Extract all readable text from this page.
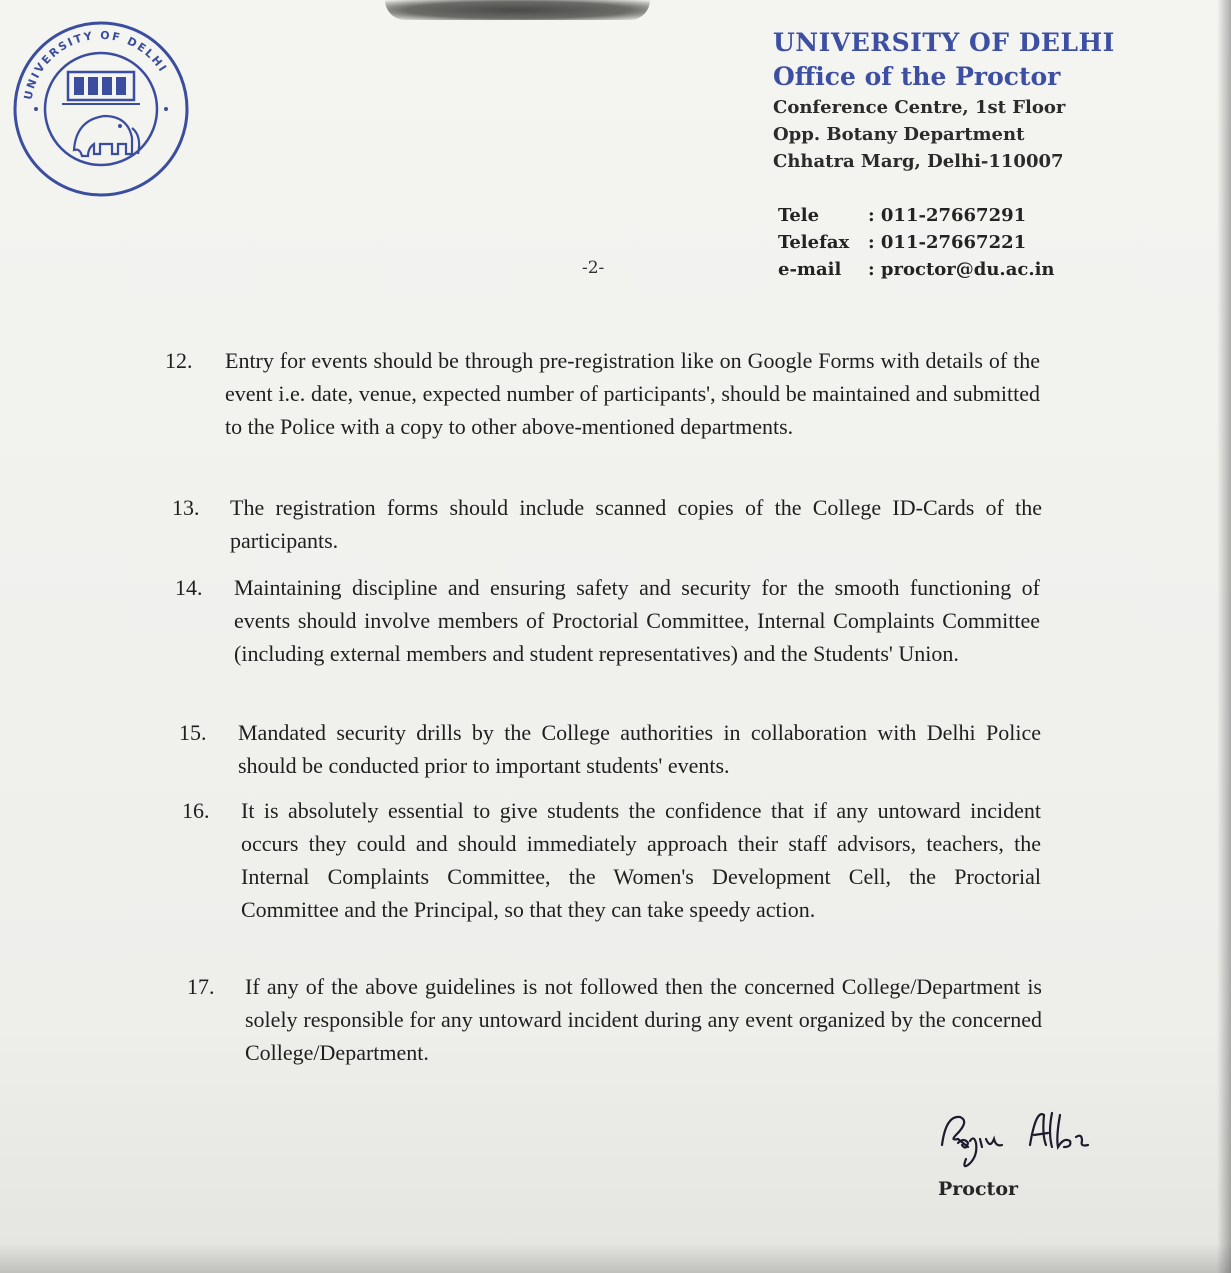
UNIVERSITY OF DELHI
UNIVERSITY OF DELHI
Office of the Proctor
Conference Centre, 1st Floor
Opp. Botany Department
Chhatra Marg, Delhi-110007
Tele	: 011-27667291
Telefax	: 011-27667221
e-mail	: proctor@du.ac.in
-2-
12. Entry for events should be through pre-registration like on Google Forms with details of the event i.e. date, venue, expected number of participants', should be maintained and submitted to the Police with a copy to other above-mentioned departments.
13. The registration forms should include scanned copies of the College ID-Cards of the participants.
14. Maintaining discipline and ensuring safety and security for the smooth functioning of events should involve members of Proctorial Committee, Internal Complaints Committee (including external members and student representatives) and the Students' Union.
15. Mandated security drills by the College authorities in collaboration with Delhi Police should be conducted prior to important students' events.
16. It is absolutely essential to give students the confidence that if any untoward incident occurs they could and should immediately approach their staff advisors, teachers, the Internal Complaints Committee, the Women's Development Cell, the Proctorial Committee and the Principal, so that they can take speedy action.
17. If any of the above guidelines is not followed then the concerned College/Department is solely responsible for any untoward incident during any event organized by the concerned College/Department.
Proctor
